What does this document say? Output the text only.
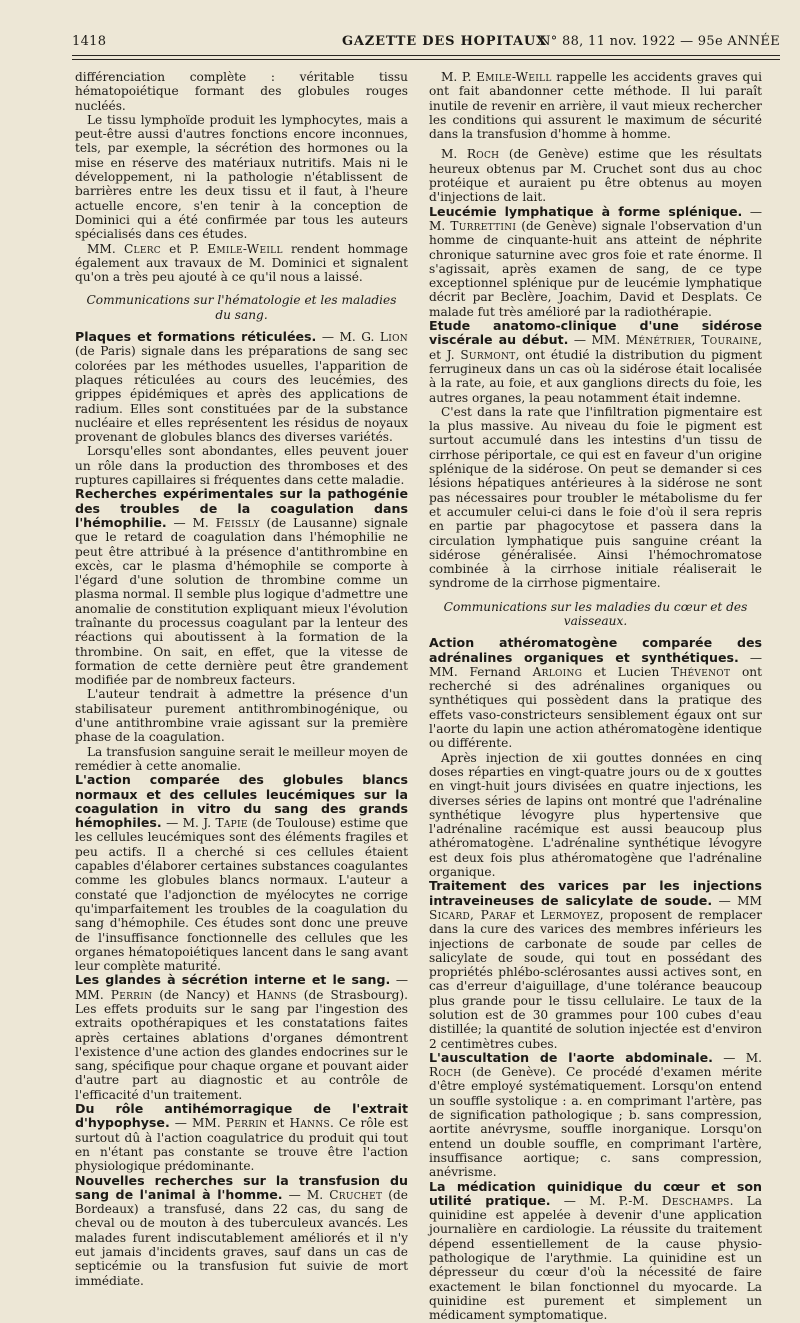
1418	GAZETTE DES HOPITAUX
N° 88, 11 nov. 1922 — 95e ANNÉE

différenciation complète : véritable tissu hématopoiétique formant des globules rouges nucléés.

Le tissu lymphoïde produit les lymphocytes, mais a peut-être aussi d'autres fonctions encore inconnues, tels, par exemple, la sécrétion des hormones ou la mise en réserve des matériaux nutritifs. Mais ni le développement, ni la pathologie n'établissent de barrières entre les deux tissu et il faut, à l'heure actuelle encore, s'en tenir à la conception de Dominici qui a été confirmée par tous les auteurs spécialisés dans ces études.

MM. Clerc et P. Emile-Weill rendent hommage également aux travaux de M. Dominici et signalent qu'on a très peu ajouté à ce qu'il nous a laissé.

Communications sur l'hématologie et les maladies du sang.

Plaques et formations réticulées. — M. G. Lion (de Paris) signale dans les préparations de sang sec colorées par les méthodes usuelles, l'apparition de plaques réticulées au cours des leucémies, des grippes épidémiques et après des applications de radium. Elles sont constituées par de la substance nucléaire et elles représentent les résidus de noyaux provenant de globules blancs des diverses variétés.

Lorsqu'elles sont abondantes, elles peuvent jouer un rôle dans la production des thromboses et des ruptures capillaires si fréquentes dans cette maladie.

Recherches expérimentales sur la pathogénie des troubles de la coagulation dans l'hémophilie. — M. Feissly (de Lausanne) signale que le retard de coagulation dans l'hémophilie ne peut être attribué à la présence d'antithrombine en excès, car le plasma d'hémophile se comporte à l'égard d'une solution de thrombine comme un plasma normal. Il semble plus logique d'admettre une anomalie de constitution expliquant mieux l'évolution traînante du processus coagulant par la lenteur des réactions qui aboutissent à la formation de la thrombine. On sait, en effet, que la vitesse de formation de cette dernière peut être grandement modifiée par de nombreux facteurs.

L'auteur tendrait à admettre la présence d'un stabilisateur purement antithrombinogénique, ou d'une antithrombine vraie agissant sur la première phase de la coagulation.

La transfusion sanguine serait le meilleur moyen de remédier à cette anomalie.

L'action comparée des globules blancs normaux et des cellules leucémiques sur la coagulation in vitro du sang des grands hémophiles. — M. J. Tapie (de Toulouse) estime que les cellules leucémiques sont des éléments fragiles et peu actifs. Il a cherché si ces cellules étaient capables d'élaborer certaines substances coagulantes comme les globules blancs normaux. L'auteur a constaté que l'adjonction de myélocytes ne corrige qu'imparfaitement les troubles de la coagulation du sang d'hémophile. Ces études sont donc une preuve de l'insuffisance fonctionnelle des cellules que les organes hématopoiétiques lancent dans le sang avant leur complète maturité.

Les glandes à sécrétion interne et le sang. — MM. Perrin (de Nancy) et Hanns (de Strasbourg). Les effets produits sur le sang par l'ingestion des extraits opothérapiques et les constatations faites après certaines ablations d'organes démontrent l'existence d'une action des glandes endocrines sur le sang, spécifique pour chaque organe et pouvant aider d'autre part au diagnostic et au contrôle de l'efficacité d'un traitement.

Du rôle antihémorragique de l'extrait d'hypophyse. — MM. Perrin et Hanns. Ce rôle est surtout dû à l'action coagulatrice du produit qui tout en n'étant pas constante se trouve être l'action physiologique prédominante.

Nouvelles recherches sur la transfusion du sang de l'animal à l'homme. — M. Cruchet (de Bordeaux) a transfusé, dans 22 cas, du sang de cheval ou de mouton à des tuberculeux avancés. Les malades furent indiscutablement améliorés et il n'y eut jamais d'incidents graves, sauf dans un cas de septicémie ou la transfusion fut suivie de mort immédiate.

M. P. Emile-Weill rappelle les accidents graves qui ont fait abandonner cette méthode. Il lui paraît inutile de revenir en arrière, il vaut mieux rechercher les conditions qui assurent le maximum de sécurité dans la transfusion d'homme à homme.

M. Roch (de Genève) estime que les résultats heureux obtenus par M. Cruchet sont dus au choc protéique et auraient pu être obtenus au moyen d'injections de lait.

Leucémie lymphatique à forme splénique. — M. Turrettini (de Genève) signale l'observation d'un homme de cinquante-huit ans atteint de néphrite chronique saturnine avec gros foie et rate énorme. Il s'agissait, après examen de sang, de ce type exceptionnel splénique pur de leucémie lymphatique décrit par Beclère, Joachim, David et Desplats. Ce malade fut très amélioré par la radiothérapie.

Etude anatomo-clinique d'une sidérose viscérale au début. — MM. Ménétrier, Touraine, et J. Surmont, ont étudié la distribution du pigment ferrugineux dans un cas où la sidérose était localisée à la rate, au foie, et aux ganglions directs du foie, les autres organes, la peau notamment était indemne.

C'est dans la rate que l'infiltration pigmentaire est la plus massive. Au niveau du foie le pigment est surtout accumulé dans les intestins d'un tissu de cirrhose périportale, ce qui est en faveur d'un origine splénique de la sidérose. On peut se demander si ces lésions hépatiques antérieures à la sidérose ne sont pas nécessaires pour troubler le métabolisme du fer et accumuler celui-ci dans le foie d'où il sera repris en partie par phagocytose et passera dans la circulation lymphatique puis sanguine créant la sidérose généralisée. Ainsi l'hémochromatose combinée à la cirrhose initiale réaliserait le syndrome de la cirrhose pigmentaire.

Communications sur les maladies du cœur et des vaisseaux.

Action athéromatogène comparée des adrénalines organiques et synthétiques. — MM. Fernand Arloing et Lucien Thévenot ont recherché si des adrénalines organiques ou synthétiques qui possèdent dans la pratique des effets vaso-constricteurs sensiblement égaux ont sur l'aorte du lapin une action athéromatogène identique ou différente.

Après injection de xii gouttes données en cinq doses réparties en vingt-quatre jours ou de x gouttes en vingt-huit jours divisées en quatre injections, les diverses séries de lapins ont montré que l'adrénaline synthétique lévogyre plus hypertensive que l'adrénaline racémique est aussi beaucoup plus athéromatogène. L'adrénaline synthétique lévogyre est deux fois plus athéromatogène que l'adrénaline organique.

Traitement des varices par les injections intraveineuses de salicylate de soude. — MM Sicard, Paraf et Lermoyez, proposent de remplacer dans la cure des varices des membres inférieurs les injections de carbonate de soude par celles de salicylate de soude, qui tout en possédant des propriétés phlébo-sclérosantes aussi actives sont, en cas d'erreur d'aiguillage, d'une tolérance beaucoup plus grande pour le tissu cellulaire. Le taux de la solution est de 30 grammes pour 100 cubes d'eau distillée; la quantité de solution injectée est d'environ 2 centimètres cubes.

L'auscultation de l'aorte abdominale. — M. Roch (de Genève). Ce procédé d'examen mérite d'être employé systématiquement. Lorsqu'on entend un souffle systolique : a. en comprimant l'artère, pas de signification pathologique ; b. sans compression, aortite anévrysme, souffle inorganique. Lorsqu'on entend un double souffle, en comprimant l'artère, insuffisance aortique; c. sans compression, anévrisme.

La médication quinidique du cœur et son utilité pratique. — M. P.-M. Deschamps. La quinidine est appelée à devenir d'une application journalière en cardiologie. La réussite du traitement dépend essentiellement de la cause physio-pathologique de l'arythmie. La quinidine est un dépresseur du cœur d'où la nécessité de faire exactement le bilan fonctionnel du myocarde. La quinidine est purement et simplement un médicament symptomatique.
